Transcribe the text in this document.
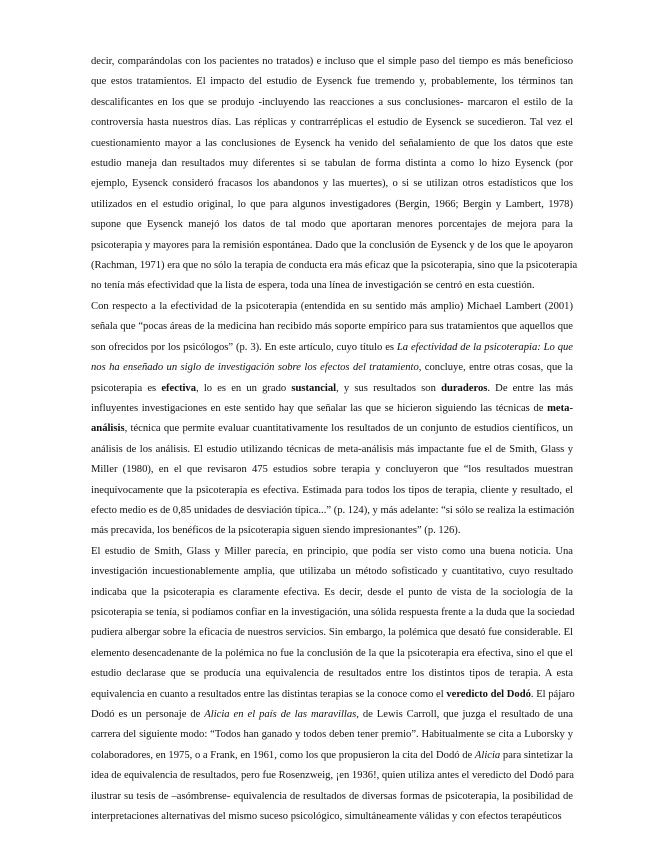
decir, comparándolas con los pacientes no tratados) e incluso que el simple paso del tiempo es más beneficioso
que estos tratamientos. El impacto del estudio de Eysenck fue tremendo y, probablemente, los términos tan
descalificantes en los que se produjo -incluyendo las reacciones a sus conclusiones- marcaron el estilo de la
controversia hasta nuestros días. Las réplicas y contrarréplicas el estudio de Eysenck se sucedieron. Tal vez el
cuestionamiento mayor a las conclusiones de Eysenck ha venido del señalamiento de que los datos que este
estudio maneja dan resultados muy diferentes si se tabulan de forma distinta a como lo hizo Eysenck (por
ejemplo, Eysenck consideró fracasos los abandonos y las muertes), o si se utilizan otros estadísticos que los
utilizados en el estudio original, lo que para algunos investigadores (Bergin, 1966; Bergin y Lambert, 1978)
supone que Eysenck manejó los datos de tal modo que aportaran menores porcentajes de mejora para la
psicoterapia y mayores para la remisión espontánea. Dado que la conclusión de Eysenck y de los que le apoyaron
(Rachman, 1971) era que no sólo la terapia de conducta era más eficaz que la psicoterapia, sino que la psicoterapia
no tenía más efectividad que la lista de espera, toda una línea de investigación se centró en esta cuestión.

Con respecto a la efectividad de la psicoterapia (entendida en su sentido más amplio) Michael Lambert (2001)
señala que “pocas áreas de la medicina han recibido más soporte empírico para sus tratamientos que aquellos que
son ofrecidos por los psicólogos” (p. 3). En este artículo, cuyo título es La efectividad de la psicoterapia: Lo que
nos ha enseñado un siglo de investigación sobre los efectos del tratamiento, concluye, entre otras cosas, que la
psicoterapia es efectiva, lo es en un grado sustancial, y sus resultados son duraderos. De entre las más
influyentes investigaciones en este sentido hay que señalar las que se hicieron siguiendo las técnicas de meta-
análisis, técnica que permite evaluar cuantitativamente los resultados de un conjunto de estudios científicos, un
análisis de los análisis. El estudio utilizando técnicas de meta-análisis más impactante fue el de Smith, Glass y
Miller (1980), en el que revisaron 475 estudios sobre terapia y concluyeron que “los resultados muestran
inequívocamente que la psicoterapia es efectiva. Estimada para todos los tipos de terapia, cliente y resultado, el
efecto medio es de 0,85 unidades de desviación típica...” (p. 124), y más adelante: “si sólo se realiza la estimación
más precavida, los benéficos de la psicoterapia siguen siendo impresionantes” (p. 126).

El estudio de Smith, Glass y Miller parecía, en principio, que podía ser visto como una buena noticia. Una
investigación incuestionablemente amplia, que utilizaba un método sofisticado y cuantitativo, cuyo resultado
indicaba que la psicoterapia es claramente efectiva. Es decir, desde el punto de vista de la sociología de la
psicoterapia se tenía, si podíamos confiar en la investigación, una sólida respuesta frente a la duda que la sociedad
pudiera albergar sobre la eficacia de nuestros servicios. Sin embargo, la polémica que desató fue considerable. El
elemento desencadenante de la polémica no fue la conclusión de la que la psicoterapia era efectiva, sino el que el
estudio declarase que se producía una equivalencia de resultados entre los distintos tipos de terapia. A esta
equivalencia en cuanto a resultados entre las distintas terapias se la conoce como el veredicto del Dodó. El pájaro
Dodó es un personaje de Alicia en el país de las maravillas, de Lewis Carroll, que juzga el resultado de una
carrera del siguiente modo: “Todos han ganado y todos deben tener premio”. Habitualmente se cita a Luborsky y
colaboradores, en 1975, o a Frank, en 1961, como los que propusieron la cita del Dodó de Alicia para sintetizar la
idea de equivalencia de resultados, pero fue Rosenzweig, ¡en 1936!, quien utiliza antes el veredicto del Dodó para
ilustrar su tesis de –asómbrense- equivalencia de resultados de diversas formas de psicoterapia, la posibilidad de
interpretaciones alternativas del mismo suceso psicológico, simultáneamente válidas y con efectos terapéuticos
